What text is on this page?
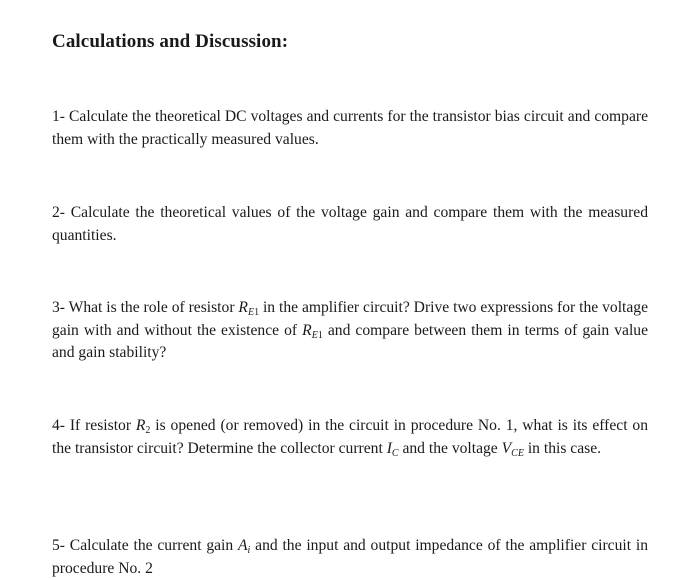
Calculations and Discussion:
1- Calculate the theoretical DC voltages and currents for the transistor bias circuit and compare them with the practically measured values.
2- Calculate the theoretical values of the voltage gain and compare them with the measured quantities.
3- What is the role of resistor $R_{E1}$ in the amplifier circuit? Drive two expressions for the voltage gain with and without the existence of $R_{E1}$ and compare between them in terms of gain value and gain stability?
4- If resistor $R_2$ is opened (or removed) in the circuit in procedure No. 1, what is its effect on the transistor circuit? Determine the collector current $I_C$ and the voltage $V_{CE}$ in this case.
5- Calculate the current gain $A_i$ and the input and output impedance of the amplifier circuit in procedure No. 2
